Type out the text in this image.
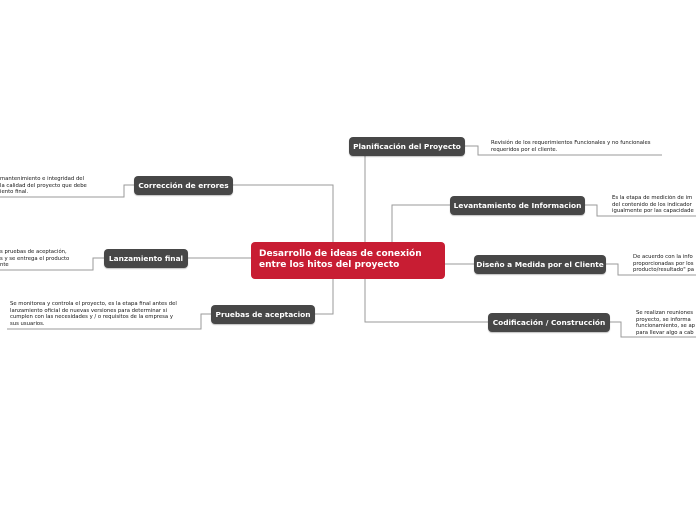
Desarrollo de ideas de conexión entre los hitos del proyecto
Planificación del Proyecto
Levantamiento de Informacion
Diseño a Medida por el Cliente
Codificación / Construcción
Corrección de errores
Lanzamiento final
Pruebas de aceptacion
Revisión de los requerimientos Funcionales y no funcionales
requeridos por el cliente.
Es la etapa de medición de im
del contenido de los indicador
igualmente por las capacidade
De acuerdo con la info
proporcionadas por los
producto/resultado" pa
Se realizan reuniones
proyecto, se informa
funcionamiento, se ap
para llevar algo a cab
mantenimiento e integridad del
la calidad del proyecto que debe
iento final.
s pruebas de aceptación,
s y se entrega el producto
nte
Se monitorea y controla el proyecto, es la etapa final antes del
lanzamiento oficial de nuevas versiones para determinar si
cumplen con las necesidades y / o requisitos de la empresa y
sus usuarios.
